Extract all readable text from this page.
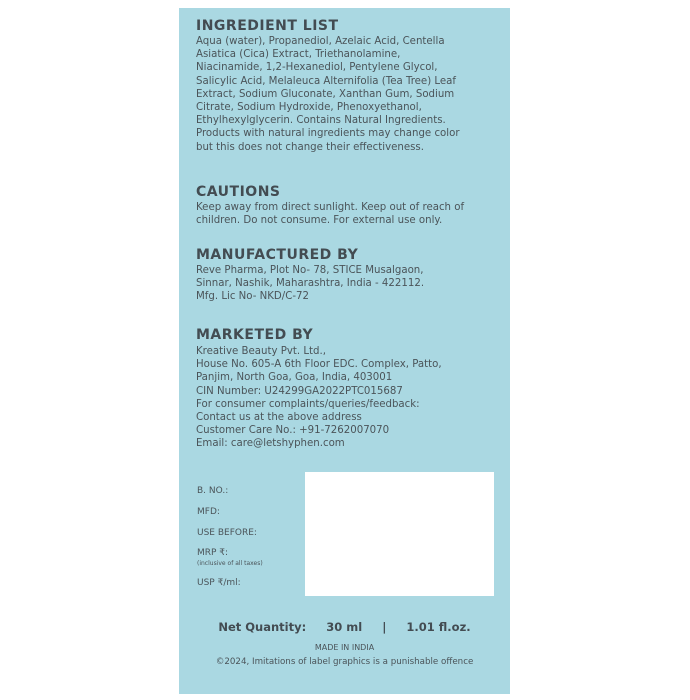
INGREDIENT LIST

Aqua (water), Propanediol, Azelaic Acid, Centella
Asiatica (Cica) Extract, Triethanolamine,
Niacinamide, 1,2-Hexanediol, Pentylene Glycol,
Salicylic Acid, Melaleuca Alternifolia (Tea Tree) Leaf
Extract, Sodium Gluconate, Xanthan Gum, Sodium
Citrate, Sodium Hydroxide, Phenoxyethanol,
Ethylhexylglycerin. Contains Natural Ingredients.
Products with natural ingredients may change color
but this does not change their effectiveness.

CAUTIONS

Keep away from direct sunlight. Keep out of reach of
children. Do not consume. For external use only.

MANUFACTURED BY

Reve Pharma, Plot No- 78, STICE Musalgaon,
Sinnar, Nashik, Maharashtra, India - 422112.
Mfg. Lic No- NKD/C-72

MARKETED BY

Kreative Beauty Pvt. Ltd.,
House No. 605-A 6th Floor EDC. Complex, Patto,
Panjim, North Goa, Goa, India, 403001
CIN Number: U24299GA2022PTC015687
For consumer complaints/queries/feedback:
Contact us at the above address
Customer Care No.: +91-7262007070
Email: care@letshyphen.com

B. NO.:
MFD:
USE BEFORE:
MRP ₹:
(inclusive of all taxes)
USP ₹/ml:
Net Quantity: 30 ml | 1.01 fl.oz.
MADE IN INDIA
©2024, Imitations of label graphics is a punishable offence
